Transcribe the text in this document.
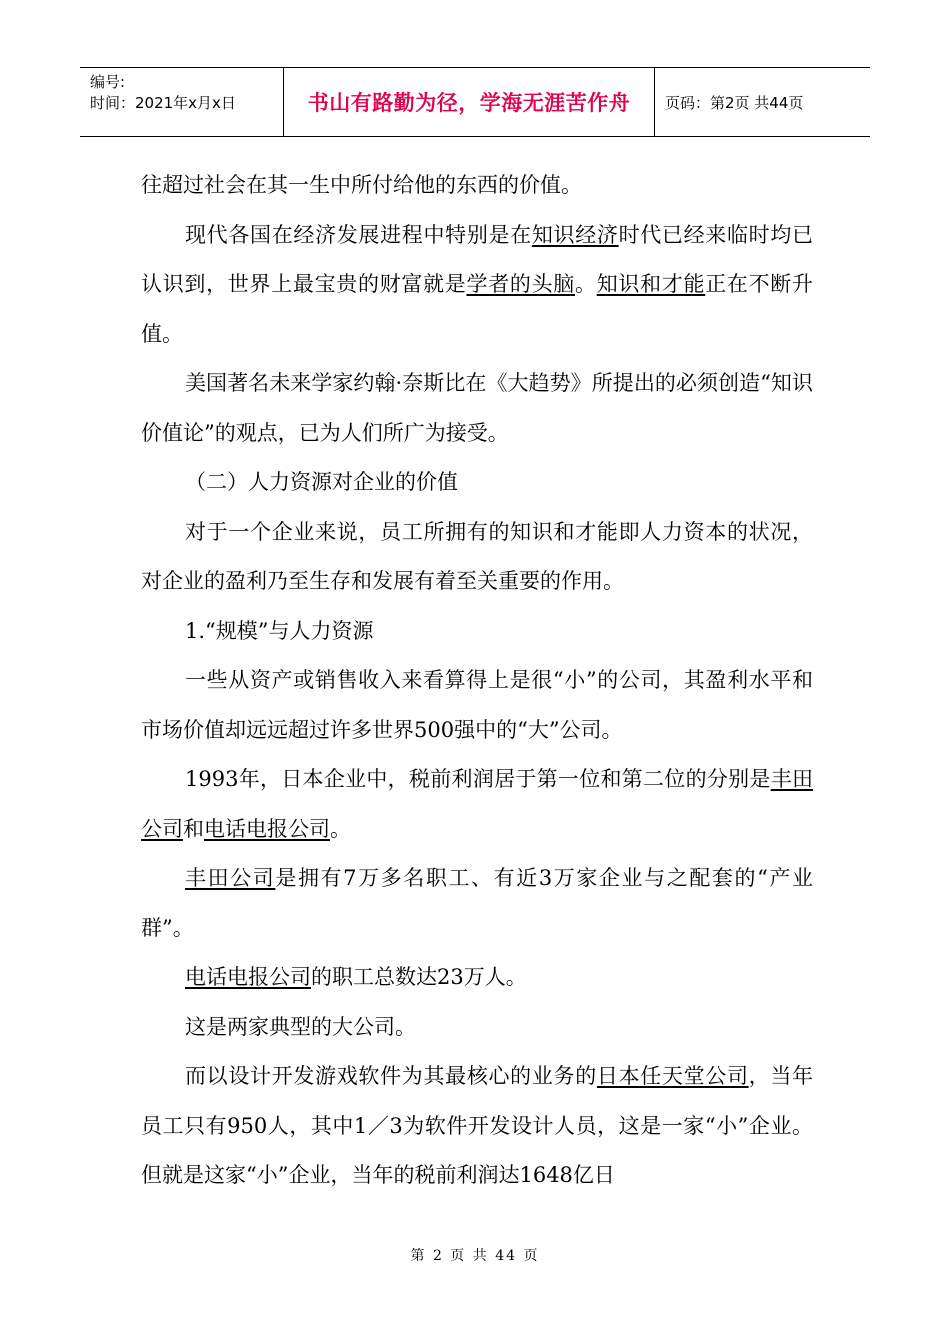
编号:
时间：2021年x月x日	书山有路勤为径，学海无涯苦作舟 页码：第2页 共44页

往超过社会在其一生中所付给他的东西的价值。

现代各国在经济发展进程中特别是在知识经济时代已经来临时均已认识到，世界上最宝贵的财富就是学者的头脑。知识和才能正在不断升值。

美国著名未来学家约翰·奈斯比在《大趋势》所提出的必须创造“知识价值论”的观点，已为人们所广为接受。

（二）人力资源对企业的价值

对于一个企业来说，员工所拥有的知识和才能即人力资本的状况，对企业的盈利乃至生存和发展有着至关重要的作用。

1.“规模”与人力资源

一些从资产或销售收入来看算得上是很“小”的公司，其盈利水平和市场价值却远远超过许多世界500强中的“大”公司。

1993年，日本企业中，税前利润居于第一位和第二位的分别是丰田公司和电话电报公司。

丰田公司是拥有7万多名职工、有近3万家企业与之配套的“产业群”。

电话电报公司的职工总数达23万人。

这是两家典型的大公司。

而以设计开发游戏软件为其最核心的业务的日本任天堂公司，当年员工只有950人，其中1／3为软件开发设计人员，这是一家“小”企业。但就是这家“小”企业，当年的税前利润达1648亿日

第 2 页 共 44 页
